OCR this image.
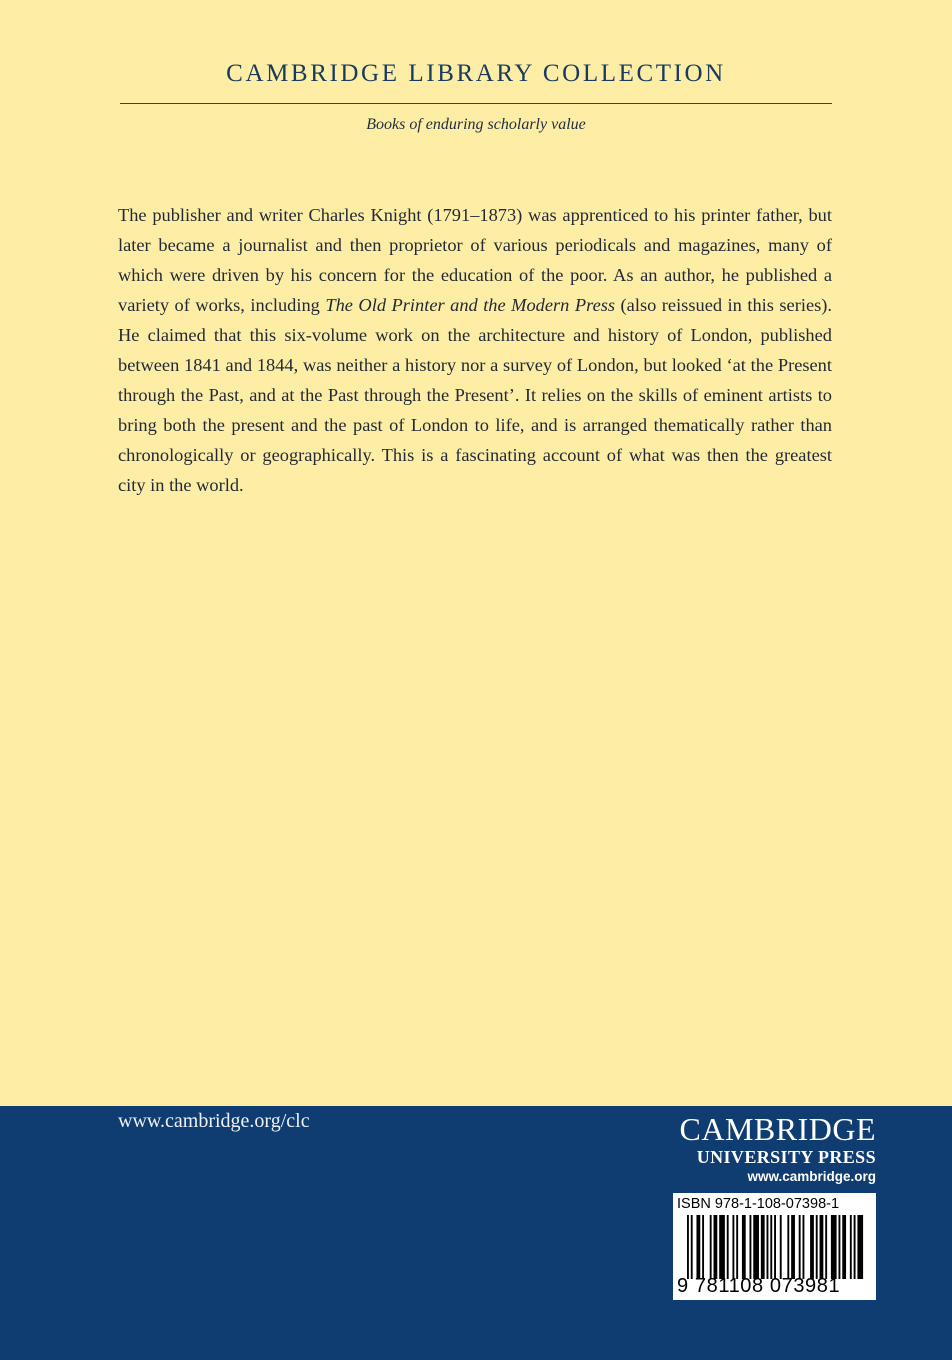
CAMBRIDGE LIBRARY COLLECTION
Books of enduring scholarly value

The publisher and writer Charles Knight (1791–1873) was apprenticed to his printer father, but later became a journalist and then proprietor of various periodicals and magazines, many of which were driven by his concern for the education of the poor. As an author, he published a variety of works, including The Old Printer and the Modern Press (also reissued in this series). He claimed that this six-volume work on the architecture and history of London, published between 1841 and 1844, was neither a history nor a survey of London, but looked ‘at the Present through the Past, and at the Past through the Present’. It relies on the skills of eminent artists to bring both the present and the past of London to life, and is arranged thematically rather than chronologically or geographically. This is a fascinating account of what was then the greatest city in the world.

www.cambridge.org/clc	CAMBRIDGE
UNIVERSITY PRESS
www.cambridge.org
ISBN 978-1-108-07398-1
9 781108 073981
